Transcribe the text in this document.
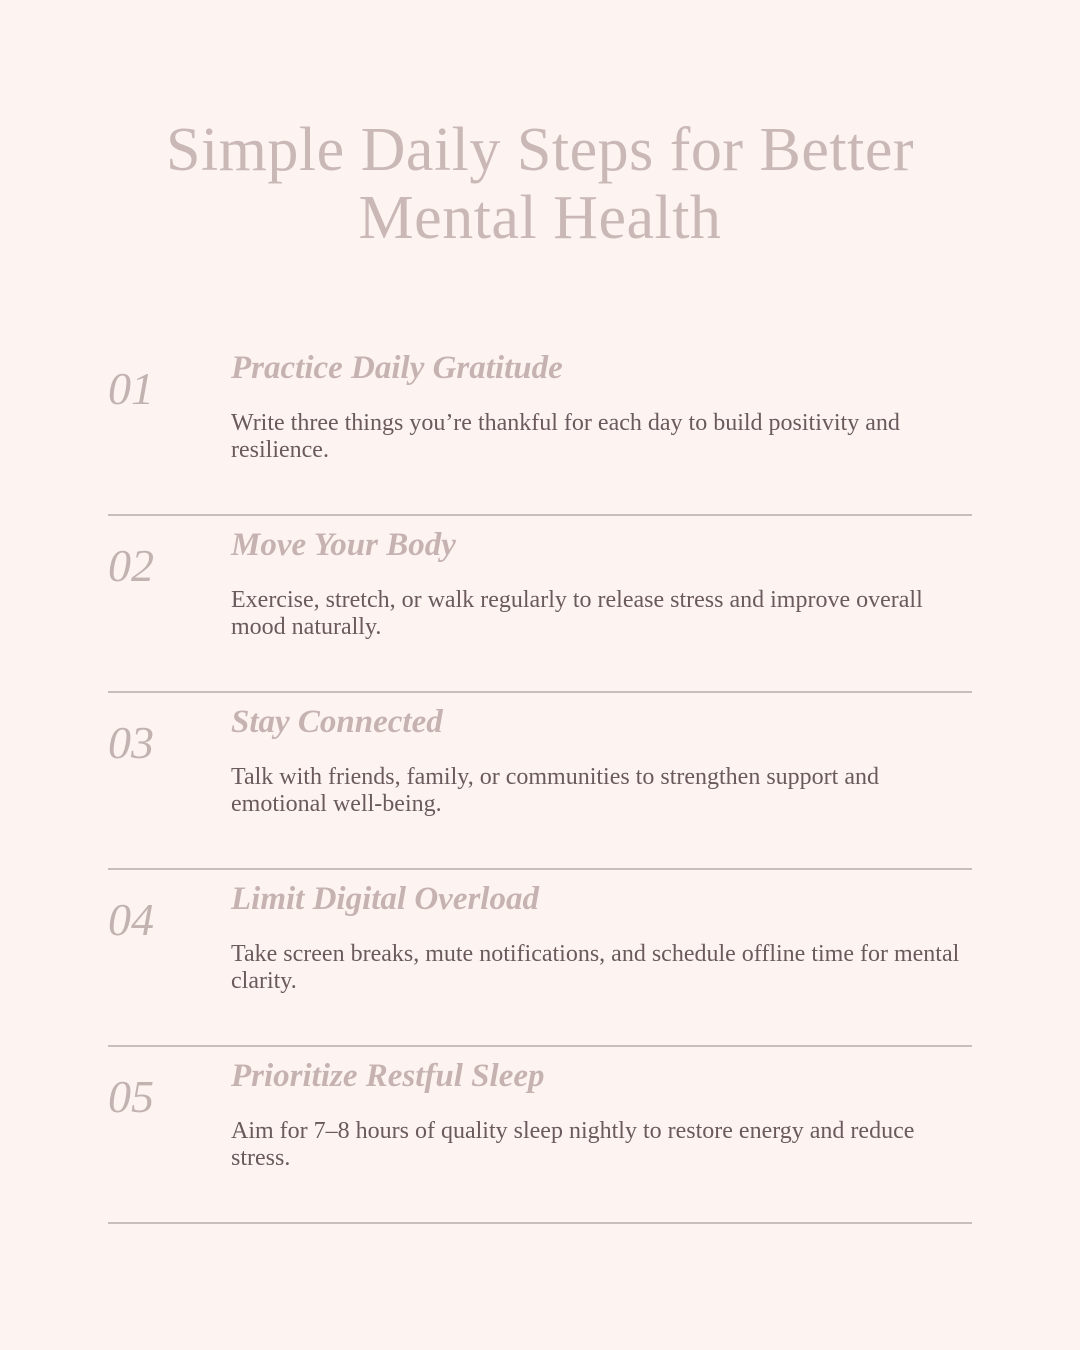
Simple Daily Steps for Better
Mental Health
01 Practice Daily Gratitude

Write three things you’re thankful for each day to build positivity and resilience.

02 Move Your Body

Exercise, stretch, or walk regularly to release stress and improve overall mood naturally.

03 Stay Connected

Talk with friends, family, or communities to strengthen support and emotional well-being.

04 Limit Digital Overload

Take screen breaks, mute notifications, and schedule offline time for mental clarity.

05 Prioritize Restful Sleep

Aim for 7–8 hours of quality sleep nightly to restore energy and reduce stress.
